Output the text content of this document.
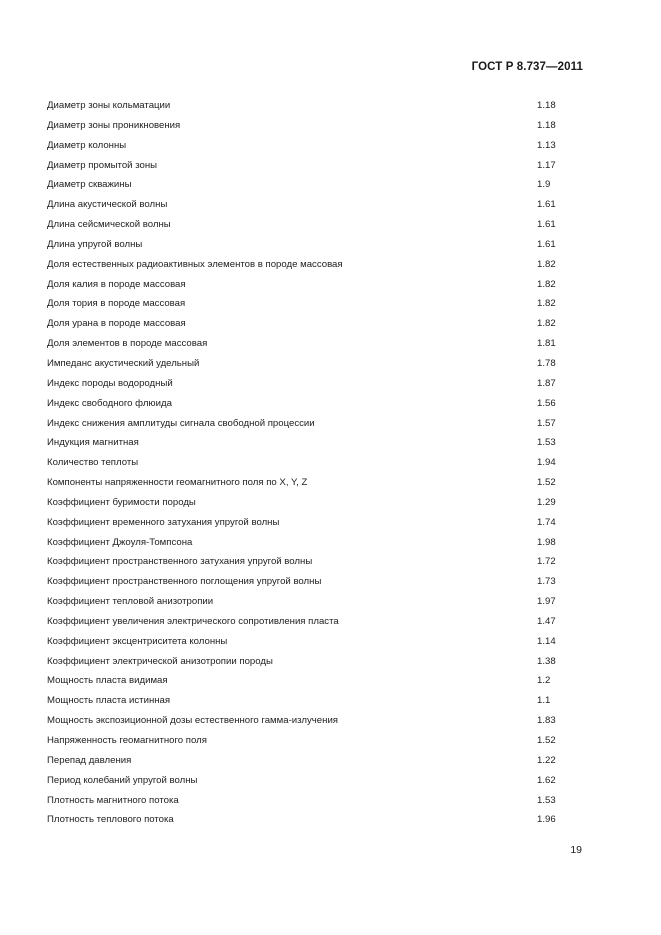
ГОСТ Р 8.737—2011
Диаметр зоны кольматации	1.18
Диаметр зоны проникновения	1.18
Диаметр колонны	1.13
Диаметр промытой зоны	1.17
Диаметр скважины	1.9
Длина акустической волны	1.61
Длина сейсмической волны	1.61
Длина упругой волны	1.61
Доля естественных радиоактивных элементов в породе массовая	1.82
Доля калия в породе массовая	1.82
Доля тория в породе массовая	1.82
Доля урана в породе массовая	1.82
Доля элементов в породе массовая	1.81
Импеданс акустический удельный	1.78
Индекс породы водородный	1.87
Индекс свободного флюида	1.56
Индекс снижения амплитуды сигнала свободной процессии	1.57
Индукция магнитная	1.53
Количество теплоты	1.94
Компоненты напряженности геомагнитного поля по X, Y, Z	1.52
Коэффициент буримости породы	1.29
Коэффициент временного затухания упругой волны	1.74
Коэффициент Джоуля-Томпсона	1.98
Коэффициент пространственного затухания упругой волны	1.72
Коэффициент пространственного поглощения упругой волны	1.73
Коэффициент тепловой анизотропии	1.97
Коэффициент увеличения электрического сопротивления пласта	1.47
Коэффициент эксцентриситета колонны	1.14
Коэффициент электрической анизотропии породы	1.38
Мощность пласта видимая	1.2
Мощность пласта истинная	1.1
Мощность экспозиционной дозы естественного гамма-излучения	1.83
Напряженность геомагнитного поля	1.52
Перепад давления	1.22
Период колебаний упругой волны	1.62
Плотность магнитного потока	1.53
Плотность теплового потока	1.96
19
